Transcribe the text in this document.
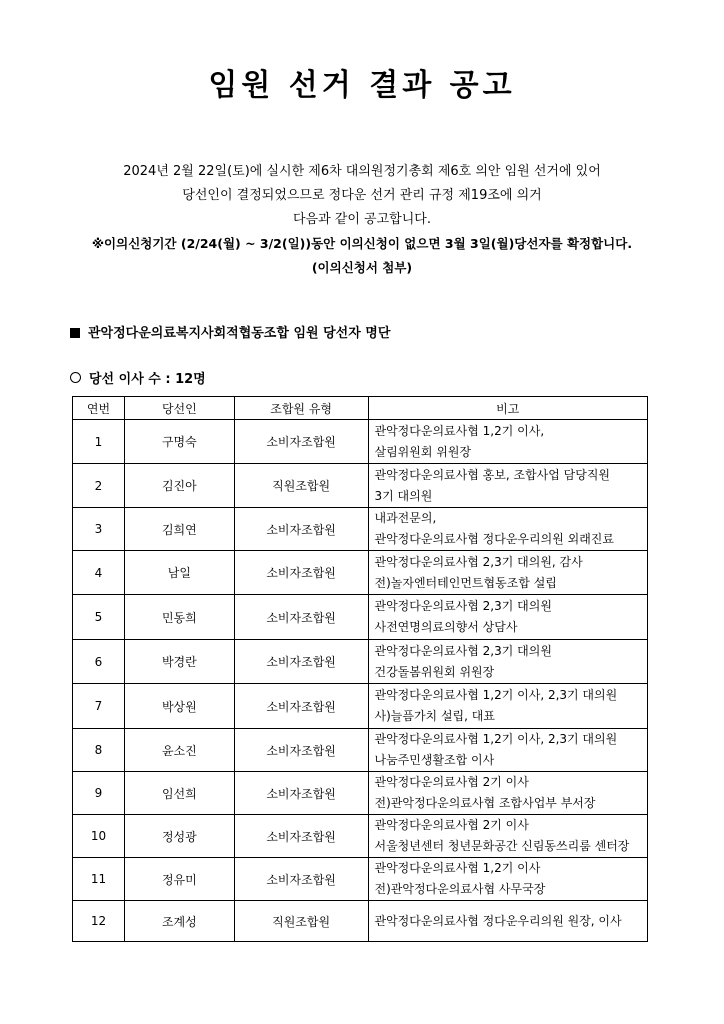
임원 선거 결과 공고
2024년 2월 22일(토)에 실시한 제6차 대의원정기총회 제6호 의안 임원 선거에 있어
당선인이 결정되었으므로 정다운 선거 관리 규정 제19조에 의거
다음과 같이 공고합니다.
※이의신청기간 (2/24(월) ~ 3/2(일))동안 이의신청이 없으면 3월 3일(월)당선자를 확정합니다.
(이의신청서 첨부)
관악정다운의료복지사회적협동조합 임원 당선자 명단
당선 이사 수 : 12명
연번	당선인	조합원 유형	비고
1	구명숙	소비자조합원	관악정다운의료사협 1,2기 이사,
살림위원회 위원장

2	김진아	직원조합원	관악정다운의료사협 홍보, 조합사업 담당직원
3기 대의원

3	김희연	소비자조합원	내과전문의,
관악정다운의료사협 정다운우리의원 외래진료

4	남일	소비자조합원	관악정다운의료사협 2,3기 대의원, 감사
전)놀자엔터테인먼트협동조합 설립

5	민동희	소비자조합원	관악정다운의료사협 2,3기 대의원
사전연명의료의향서 상담사

6	박경란	소비자조합원	관악정다운의료사협 2,3기 대의원
건강돌봄위원회 위원장

7	박상원	소비자조합원	관악정다운의료사협 1,2기 이사, 2,3기 대의원
사)늘픔가치 설립, 대표

8	윤소진	소비자조합원	관악정다운의료사협 1,2기 이사, 2,3기 대의원
나눔주민생활조합 이사

9	임선희	소비자조합원	관악정다운의료사협 2기 이사
전)관악정다운의료사협 조합사업부 부서장

10	정성광	소비자조합원	관악정다운의료사협 2기 이사
서울청년센터 청년문화공간 신림동쓰리룸 센터장

11	정유미	소비자조합원	관악정다운의료사협 1,2기 이사
전)관악정다운의료사협 사무국장

12	조계성	직원조합원	관악정다운의료사협 정다운우리의원 원장, 이사
